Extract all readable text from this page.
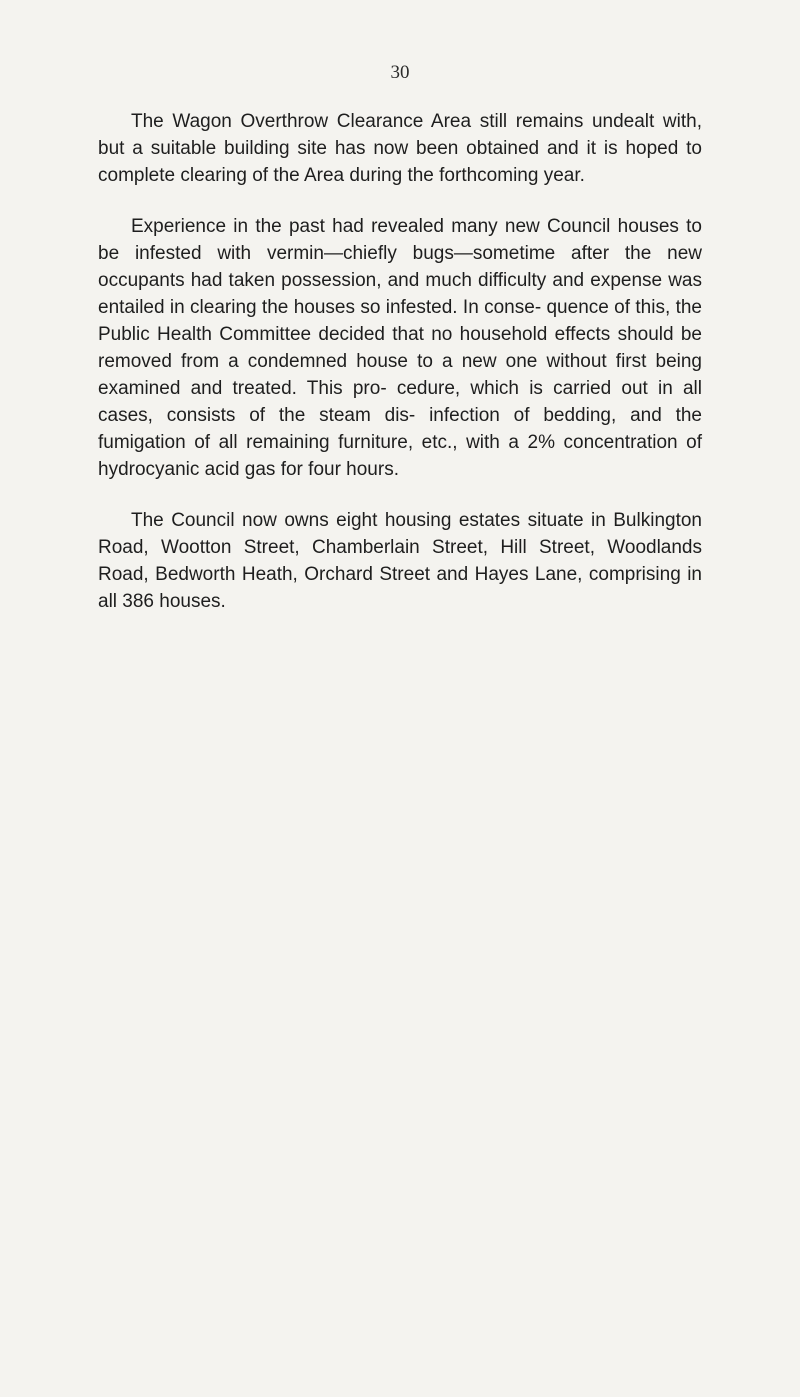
30

The Wagon Overthrow Clearance Area still remains undealt with, but a suitable building site has now been obtained and it is hoped to complete clearing of the Area during the forthcoming year.

Experience in the past had revealed many new Council houses to be infested with vermin—chiefly bugs—sometime after the new occupants had taken possession, and much difficulty and expense was entailed in clearing the houses so infested. In conse- quence of this, the Public Health Committee decided that no household effects should be removed from a condemned house to a new one without first being examined and treated. This pro- cedure, which is carried out in all cases, consists of the steam dis- infection of bedding, and the fumigation of all remaining furniture, etc., with a 2% concentration of hydrocyanic acid gas for four hours.

The Council now owns eight housing estates situate in Bulkington Road, Wootton Street, Chamberlain Street, Hill Street, Woodlands Road, Bedworth Heath, Orchard Street and Hayes Lane, comprising in all 386 houses.
